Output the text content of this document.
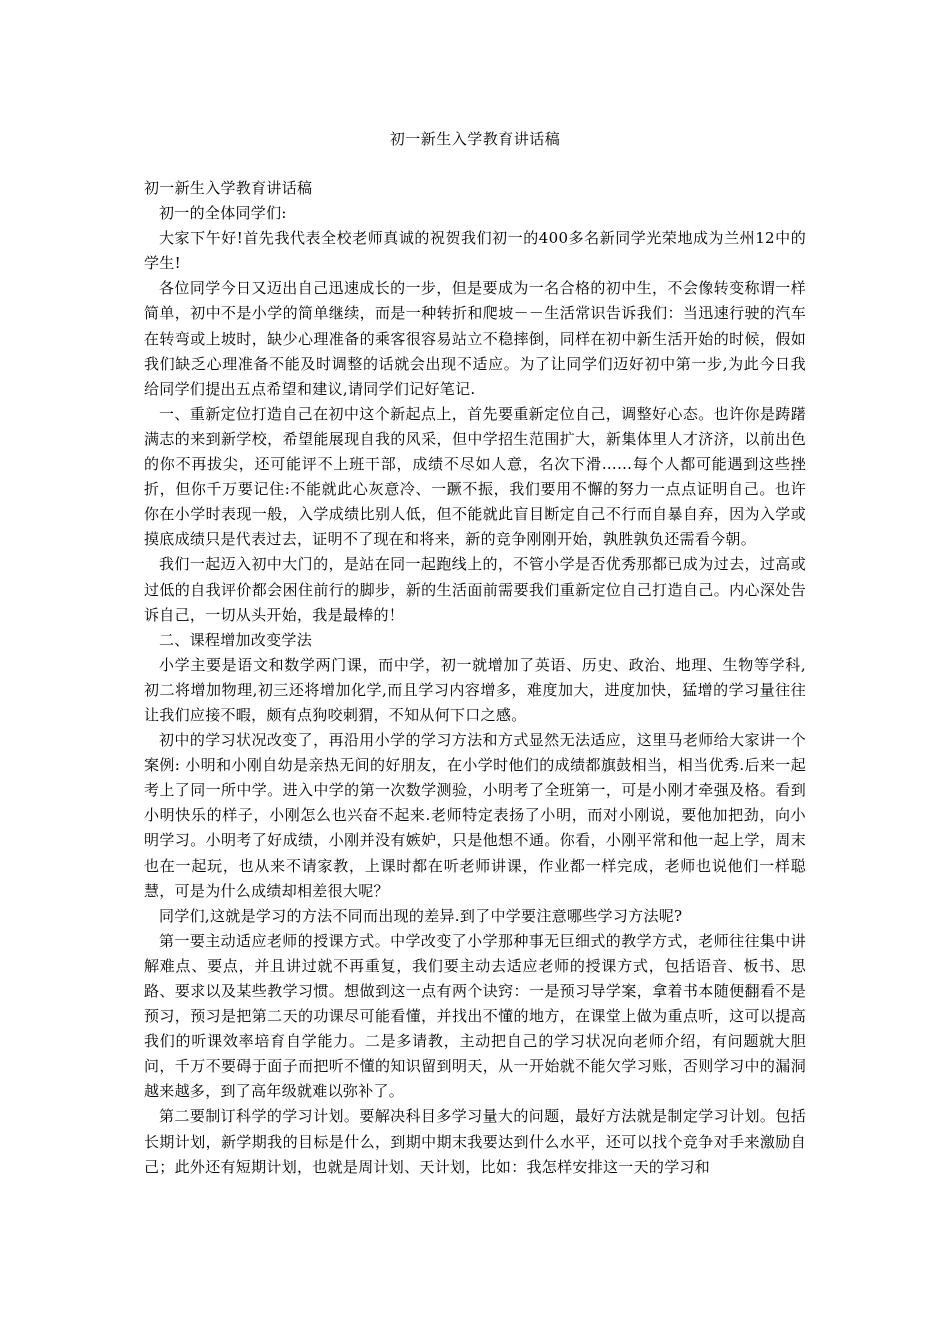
初一新生入学教育讲话稿

初一新生入学教育讲话稿

初一的全体同学们:

大家下午好!首先我代表全校老师真诚的祝贺我们初一的400多名新同学光荣地成为兰州12中的学生!

各位同学今日又迈出自己迅速成长的一步，但是要成为一名合格的初中生，不会像转变称谓一样简单，初中不是小学的简单继续，而是一种转折和爬坡－－生活常识告诉我们：当迅速行驶的汽车在转弯或上坡时，缺少心理准备的乘客很容易站立不稳摔倒，同样在初中新生活开始的时候，假如我们缺乏心理准备不能及时调整的话就会出现不适应。为了让同学们迈好初中第一步,为此今日我给同学们提出五点希望和建议,请同学们记好笔记.

一、重新定位打造自己在初中这个新起点上，首先要重新定位自己，调整好心态。也许你是踌躇满志的来到新学校，希望能展现自我的风采，但中学招生范围扩大，新集体里人才济济，以前出色的你不再拔尖，还可能评不上班干部，成绩不尽如人意，名次下滑……每个人都可能遇到这些挫折，但你千万要记住:不能就此心灰意冷、一蹶不振，我们要用不懈的努力一点点证明自己。也许你在小学时表现一般，入学成绩比别人低，但不能就此盲目断定自己不行而自暴自弃，因为入学或摸底成绩只是代表过去，证明不了现在和将来，新的竞争刚刚开始，孰胜孰负还需看今朝。

我们一起迈入初中大门的，是站在同一起跑线上的，不管小学是否优秀那都已成为过去，过高或过低的自我评价都会困住前行的脚步，新的生活面前需要我们重新定位自己打造自己。内心深处告诉自己，一切从头开始，我是最棒的！

二、课程增加改变学法

小学主要是语文和数学两门课，而中学，初一就增加了英语、历史、政治、地理、生物等学科,初二将增加物理,初三还将增加化学,而且学习内容增多，难度加大，进度加快，猛增的学习量往往让我们应接不暇，颇有点狗咬刺猬，不知从何下口之感。

初中的学习状况改变了，再沿用小学的学习方法和方式显然无法适应，这里马老师给大家讲一个案例: 小明和小刚自幼是亲热无间的好朋友，在小学时他们的成绩都旗鼓相当，相当优秀.后来一起考上了同一所中学。进入中学的第一次数学测验，小明考了全班第一，可是小刚才牵强及格。看到小明快乐的样子，小刚怎么也兴奋不起来.老师特定表扬了小明，而对小刚说，要他加把劲，向小明学习。小明考了好成绩，小刚并没有嫉妒，只是他想不通。你看，小刚平常和他一起上学，周末也在一起玩，也从来不请家教，上课时都在听老师讲课，作业都一样完成，老师也说他们一样聪慧，可是为什么成绩却相差很大呢？

同学们,这就是学习的方法不同而出现的差异.到了中学要注意哪些学习方法呢?

第一要主动适应老师的授课方式。中学改变了小学那种事无巨细式的教学方式，老师往往集中讲解难点、要点，并且讲过就不再重复，我们要主动去适应老师的授课方式，包括语音、板书、思路、要求以及某些教学习惯。想做到这一点有两个诀窍：一是预习导学案，拿着书本随便翻看不是预习，预习是把第二天的功课尽可能看懂，并找出不懂的地方，在课堂上做为重点听，这可以提高我们的听课效率培育自学能力。二是多请教，主动把自己的学习状况向老师介绍，有问题就大胆问，千万不要碍于面子而把听不懂的知识留到明天，从一开始就不能欠学习账，否则学习中的漏洞越来越多，到了高年级就难以弥补了。

第二要制订科学的学习计划。要解决科目多学习量大的问题，最好方法就是制定学习计划。包括长期计划，新学期我的目标是什么，到期中期末我要达到什么水平，还可以找个竞争对手来激励自己；此外还有短期计划，也就是周计划、天计划，比如：我怎样安排这一天的学习和
